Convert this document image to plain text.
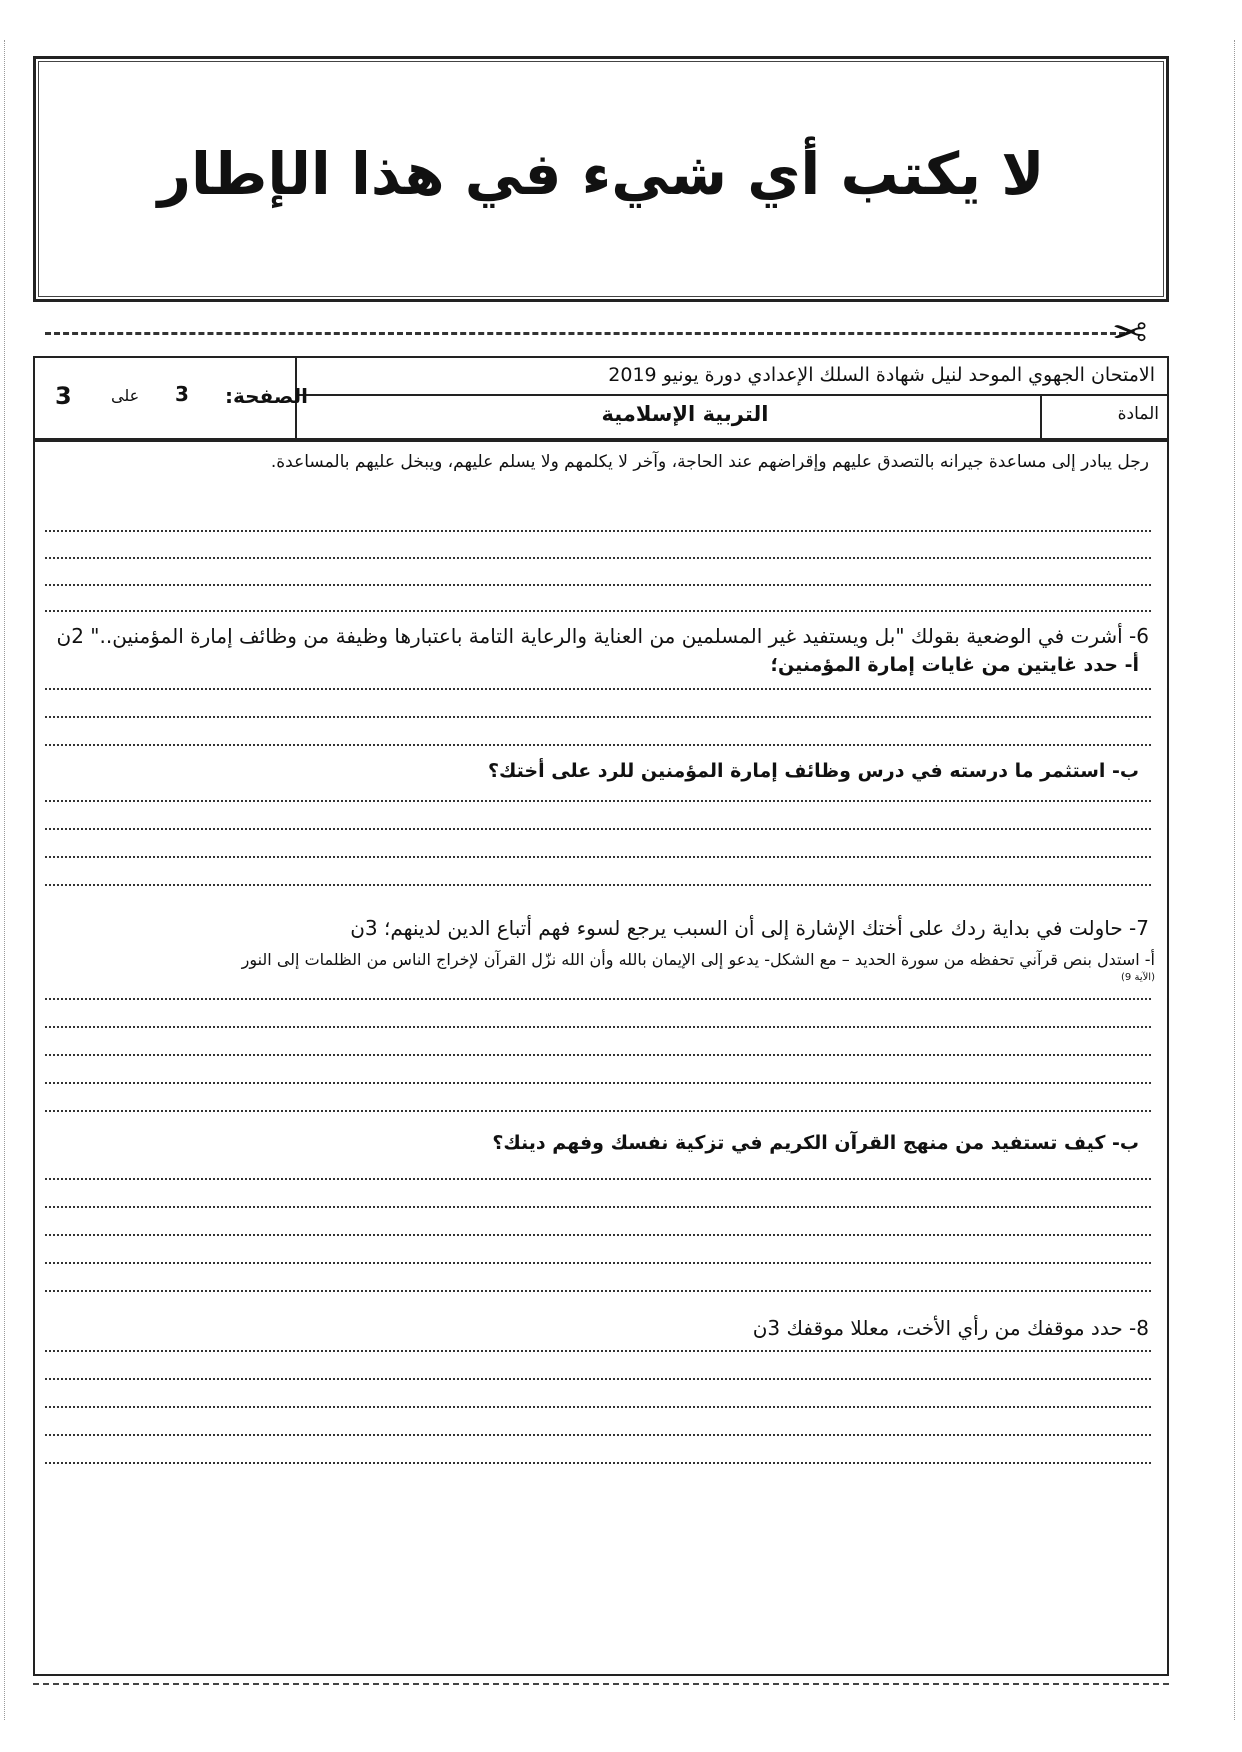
لا يكتب أي شيء في هذا الإطار
✂
الامتحان الجهوي الموحد لنيل شهادة السلك الإعدادي دورة يونيو 2019
المادة
التربية الإسلامية
الصفحة:
3
على
3
رجل يبادر إلى مساعدة جيرانه بالتصدق عليهم وإقراضهم عند الحاجة، وآخر لا يكلمهم ولا يسلم عليهم، ويبخل عليهم بالمساعدة.
6- أشرت في الوضعية بقولك "بل ويستفيد غير المسلمين من العناية والرعاية التامة باعتبارها وظيفة من وظائف إمارة المؤمنين.." 2ن
أ- حدد غايتين من غايات إمارة المؤمنين؛
ب- استثمر ما درسته في درس وظائف إمارة المؤمنين للرد على أختك؟
7- حاولت في بداية ردك على أختك الإشارة إلى أن السبب يرجع لسوء فهم أتباع الدين لدينهم؛ 3ن
أ- استدل بنص قرآني تحفظه من سورة الحديد – مع الشكل- يدعو إلى الإيمان بالله وأن الله نزّل القرآن لإخراج الناس من الظلمات إلى النور
(الآية 9)
ب- كيف تستفيد من منهج القرآن الكريم في تزكية نفسك وفهم دينك؟
8- حدد موقفك من رأي الأخت، معللا موقفك 3ن
